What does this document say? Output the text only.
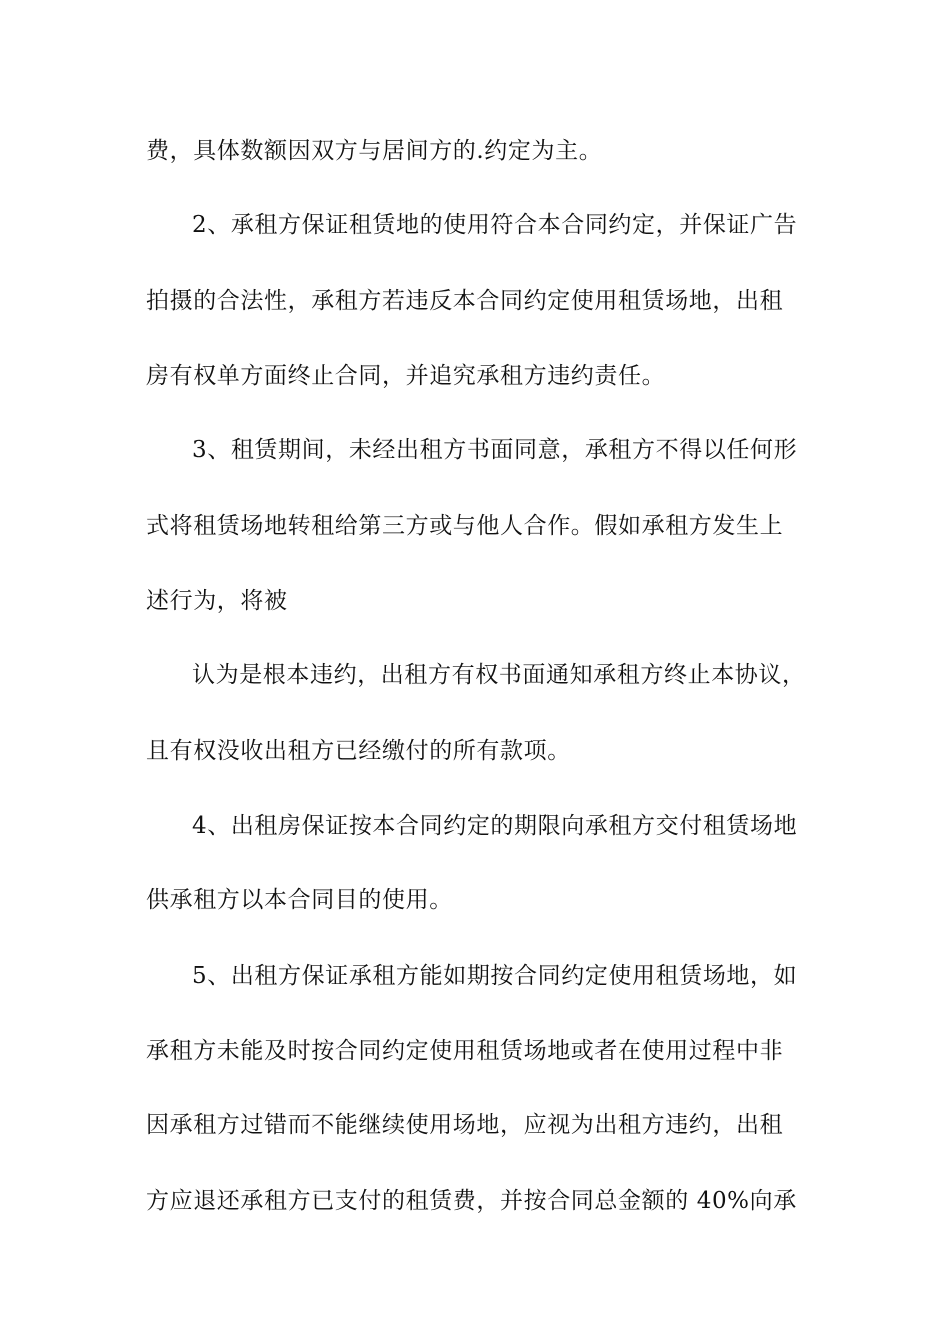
费，具体数额因双方与居间方的.约定为主。
2、承租方保证租赁地的使用符合本合同约定，并保证广告
拍摄的合法性，承租方若违反本合同约定使用租赁场地，出租
房有权单方面终止合同，并追究承租方违约责任。
3、租赁期间，未经出租方书面同意，承租方不得以任何形
式将租赁场地转租给第三方或与他人合作。假如承租方发生上
述行为，将被
认为是根本违约，出租方有权书面通知承租方终止本协议，
且有权没收出租方已经缴付的所有款项。
4、出租房保证按本合同约定的期限向承租方交付租赁场地
供承租方以本合同目的使用。
5、出租方保证承租方能如期按合同约定使用租赁场地，如
承租方未能及时按合同约定使用租赁场地或者在使用过程中非
因承租方过错而不能继续使用场地，应视为出租方违约，出租
方应退还承租方已支付的租赁费，并按合同总金额的 40%向承
